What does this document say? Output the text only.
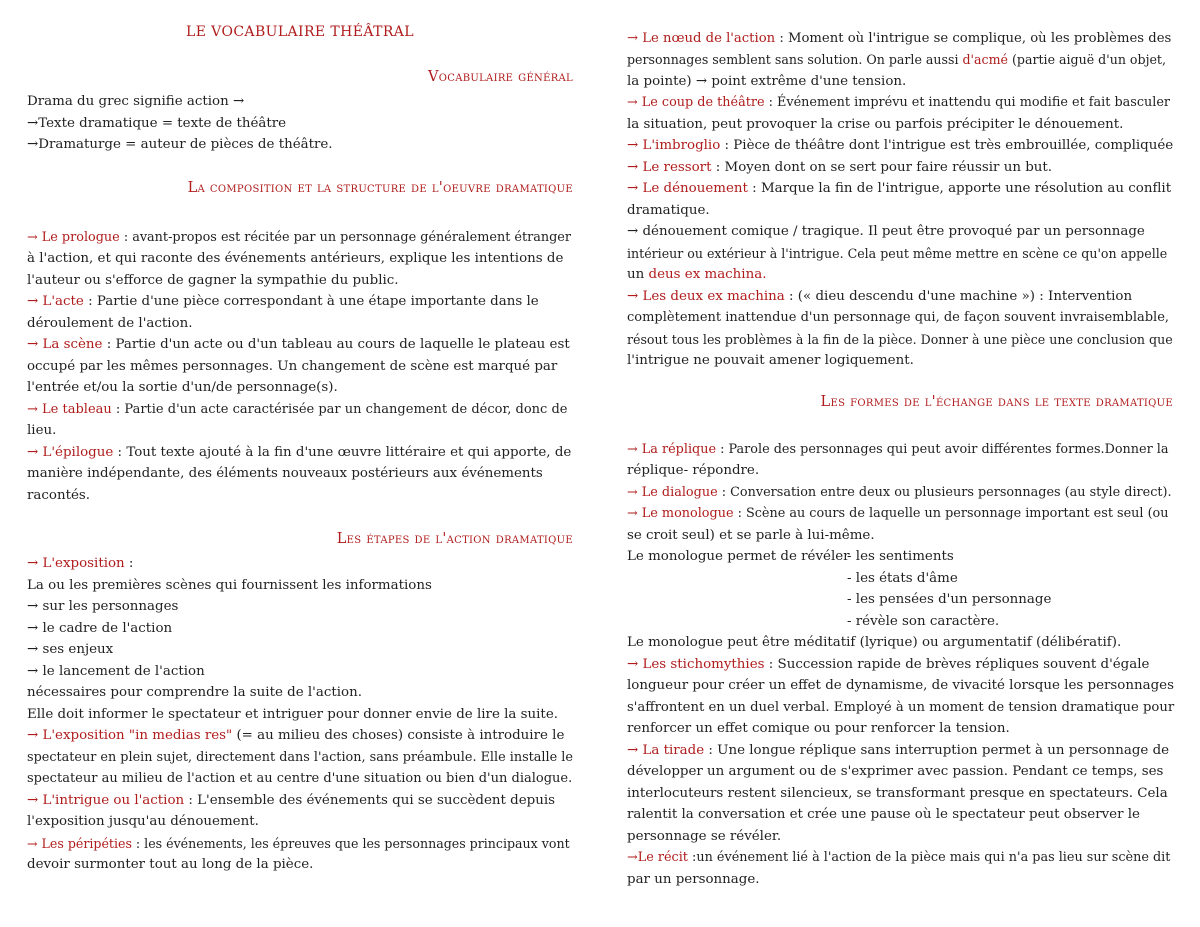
LE VOCABULAIRE THÉÂTRAL
Vocabulaire général
Drama du grec signifie action →
→Texte dramatique = texte de théâtre
→Dramaturge = auteur de pièces de théâtre.
La composition et la structure de l'oeuvre dramatique
→ Le prologue : avant-propos est récitée par un personnage généralement étranger
à l'action, et qui raconte des événements antérieurs, explique les intentions de
l'auteur ou s'efforce de gagner la sympathie du public.
→ L'acte : Partie d'une pièce correspondant à une étape importante dans le
déroulement de l'action.
→ La scène : Partie d'un acte ou d'un tableau au cours de laquelle le plateau est
occupé par les mêmes personnages. Un changement de scène est marqué par
l'entrée et/ou la sortie d'un/de personnage(s).
→ Le tableau : Partie d'un acte caractérisée par un changement de décor, donc de
lieu.
→ L'épilogue : Tout texte ajouté à la fin d'une œuvre littéraire et qui apporte, de
manière indépendante, des éléments nouveaux postérieurs aux événements
racontés.
Les étapes de l'action dramatique
→ L'exposition :
La ou les premières scènes qui fournissent les informations
→ sur les personnages
→ le cadre de l'action
→ ses enjeux
→ le lancement de l'action
nécessaires pour comprendre la suite de l'action.
Elle doit informer le spectateur et intriguer pour donner envie de lire la suite.
→ L'exposition "in medias res" (= au milieu des choses) consiste à introduire le
spectateur en plein sujet, directement dans l'action, sans préambule. Elle installe le
spectateur au milieu de l'action et au centre d'une situation ou bien d'un dialogue.
→ L'intrigue ou l'action : L'ensemble des événements qui se succèdent depuis
l'exposition jusqu'au dénouement.
→ Les péripéties : les événements, les épreuves que les personnages principaux vont
devoir surmonter tout au long de la pièce.
→ Le nœud de l'action : Moment où l'intrigue se complique, où les problèmes des
personnages semblent sans solution. On parle aussi d'acmé (partie aiguë d'un objet,
la pointe) → point extrême d'une tension.
→ Le coup de théâtre : Événement imprévu et inattendu qui modifie et fait basculer
la situation, peut provoquer la crise ou parfois précipiter le dénouement.
→ L'imbroglio : Pièce de théâtre dont l'intrigue est très embrouillée, compliquée
→ Le ressort : Moyen dont on se sert pour faire réussir un but.
→ Le dénouement : Marque la fin de l'intrigue, apporte une résolution au conflit
dramatique.
→ dénouement comique / tragique. Il peut être provoqué par un personnage
intérieur ou extérieur à l'intrigue. Cela peut même mettre en scène ce qu'on appelle
un deus ex machina.
→ Les deux ex machina : (« dieu descendu d'une machine ») : Intervention
complètement inattendue d'un personnage qui, de façon souvent invraisemblable,
résout tous les problèmes à la fin de la pièce. Donner à une pièce une conclusion que
l'intrigue ne pouvait amener logiquement.
Les formes de l'échange dans le texte dramatique
→ La réplique : Parole des personnages qui peut avoir différentes formes.Donner la
réplique- répondre.
→ Le dialogue : Conversation entre deux ou plusieurs personnages (au style direct).
→ Le monologue : Scène au cours de laquelle un personnage important est seul (ou
se croit seul) et se parle à lui-même.
Le monologue permet de révéler
- les sentiments
- les états d'âme
- les pensées d'un personnage
- révèle son caractère.
Le monologue peut être méditatif (lyrique) ou argumentatif (délibératif).
→ Les stichomythies : Succession rapide de brèves répliques souvent d'égale
longueur pour créer un effet de dynamisme, de vivacité lorsque les personnages
s'affrontent en un duel verbal. Employé à un moment de tension dramatique pour
renforcer un effet comique ou pour renforcer la tension.
→ La tirade : Une longue réplique sans interruption permet à un personnage de
développer un argument ou de s'exprimer avec passion. Pendant ce temps, ses
interlocuteurs restent silencieux, se transformant presque en spectateurs. Cela
ralentit la conversation et crée une pause où le spectateur peut observer le
personnage se révéler.
→Le récit :un événement lié à l'action de la pièce mais qui n'a pas lieu sur scène dit
par un personnage.
